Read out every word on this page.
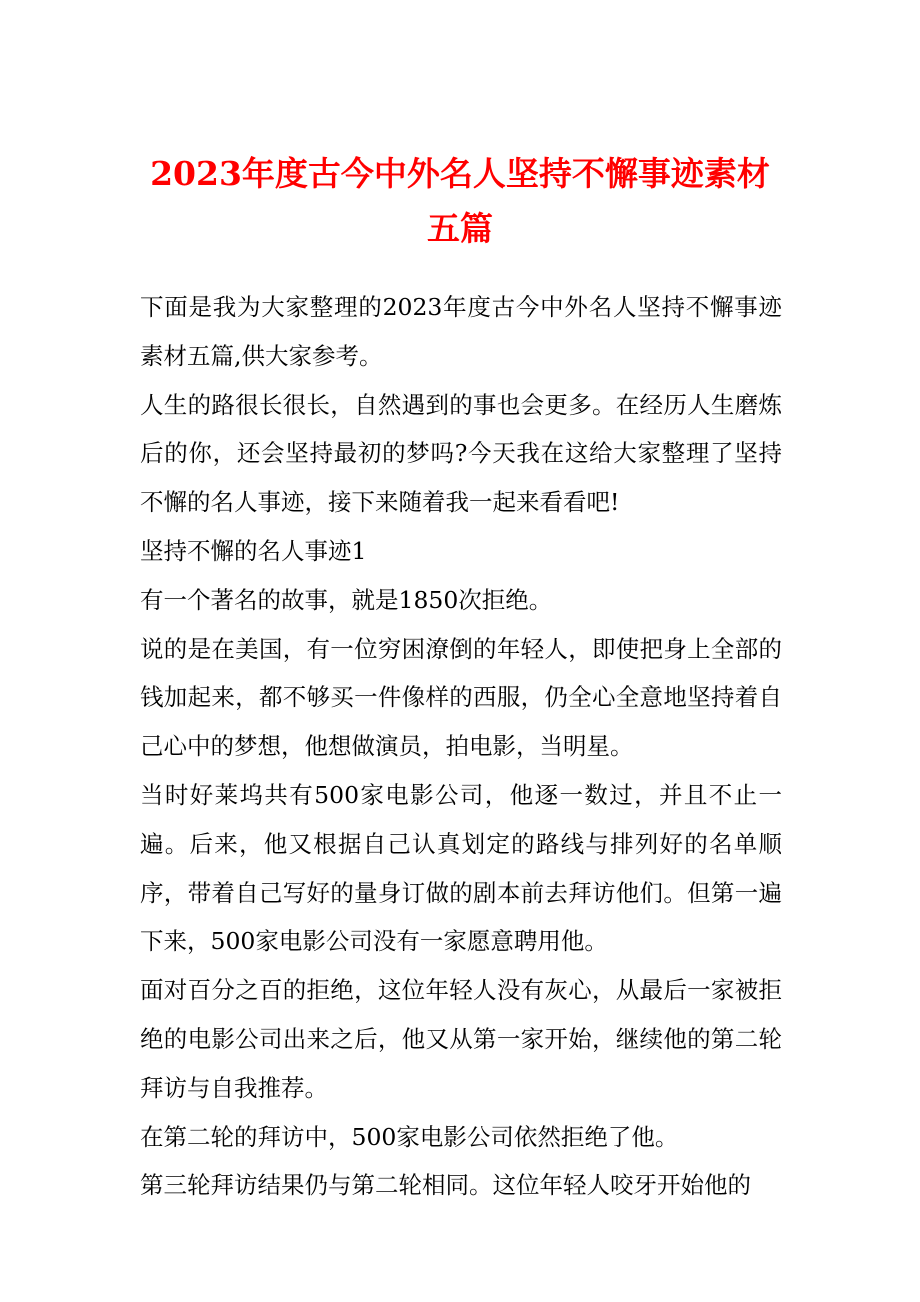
2023年度古今中外名人坚持不懈事迹素材
五篇

下面是我为大家整理的2023年度古今中外名人坚持不懈事迹素材五篇,供大家参考。

人生的路很长很长，自然遇到的事也会更多。在经历人生磨炼后的你，还会坚持最初的梦吗?今天我在这给大家整理了坚持不懈的名人事迹，接下来随着我一起来看看吧!

坚持不懈的名人事迹1

有一个著名的故事，就是1850次拒绝。

说的是在美国，有一位穷困潦倒的年轻人，即使把身上全部的钱加起来，都不够买一件像样的西服，仍全心全意地坚持着自己心中的梦想，他想做演员，拍电影，当明星。

当时好莱坞共有500家电影公司，他逐一数过，并且不止一遍。后来，他又根据自己认真划定的路线与排列好的名单顺序，带着自己写好的量身订做的剧本前去拜访他们。但第一遍下来，500家电影公司没有一家愿意聘用他。

面对百分之百的拒绝，这位年轻人没有灰心，从最后一家被拒绝的电影公司出来之后，他又从第一家开始，继续他的第二轮拜访与自我推荐。

在第二轮的拜访中，500家电影公司依然拒绝了他。

第三轮拜访结果仍与第二轮相同。这位年轻人咬牙开始他的
